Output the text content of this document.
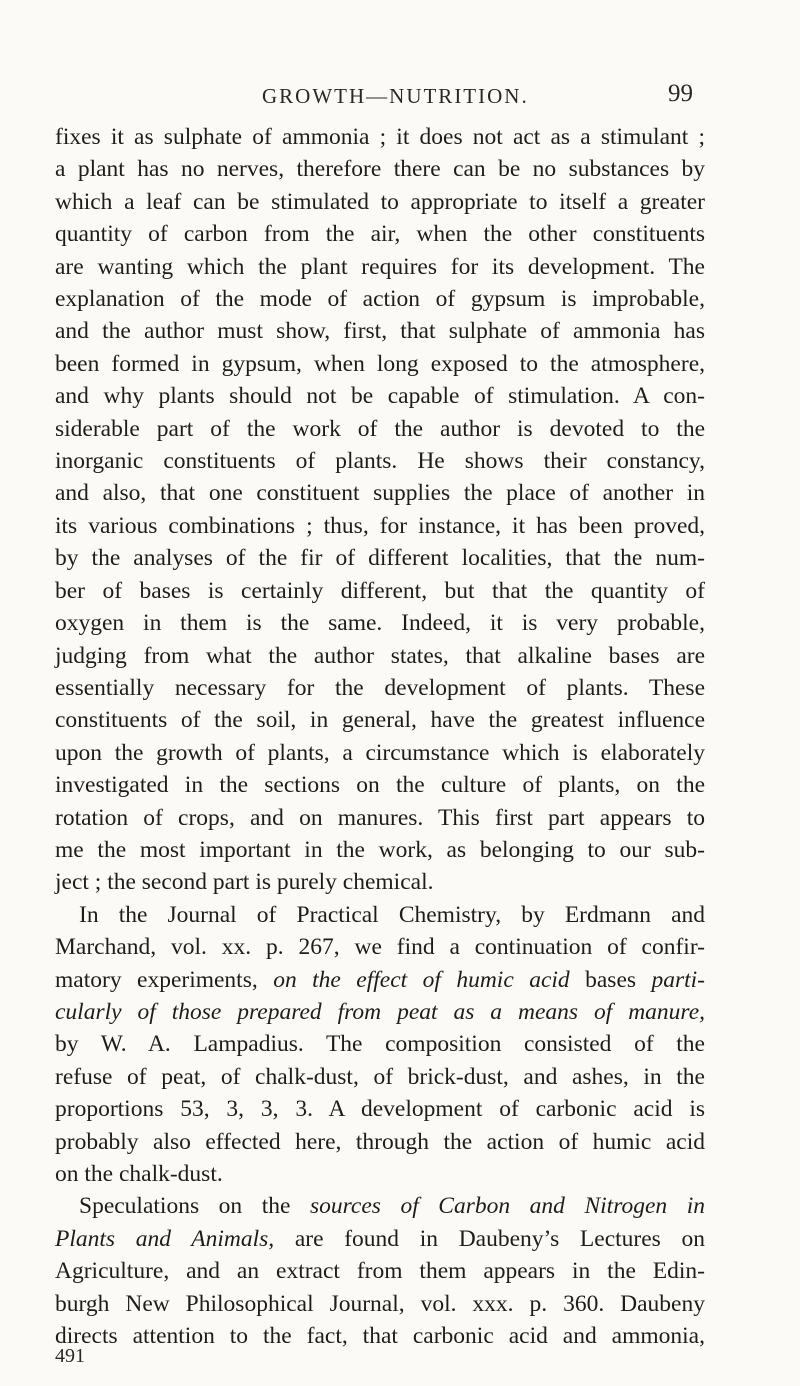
GROWTH—NUTRITION.	99
fixes it as sulphate of ammonia ; it does not act as a stimulant ;
a plant has no nerves, therefore there can be no substances by
which a leaf can be stimulated to appropriate to itself a greater
quantity of carbon from the air, when the other constituents
are wanting which the plant requires for its development. The
explanation of the mode of action of gypsum is improbable,
and the author must show, first, that sulphate of ammonia has
been formed in gypsum, when long exposed to the atmosphere,
and why plants should not be capable of stimulation. A con-
siderable part of the work of the author is devoted to the
inorganic constituents of plants. He shows their constancy,
and also, that one constituent supplies the place of another in
its various combinations ; thus, for instance, it has been proved,
by the analyses of the fir of different localities, that the num-
ber of bases is certainly different, but that the quantity of
oxygen in them is the same. Indeed, it is very probable,
judging from what the author states, that alkaline bases are
essentially necessary for the development of plants. These
constituents of the soil, in general, have the greatest influence
upon the growth of plants, a circumstance which is elaborately
investigated in the sections on the culture of plants, on the
rotation of crops, and on manures. This first part appears to
me the most important in the work, as belonging to our sub-
ject ; the second part is purely chemical.
In the Journal of Practical Chemistry, by Erdmann and
Marchand, vol. xx. p. 267, we find a continuation of confir-
matory experiments, on the effect of humic acid bases parti-
cularly of those prepared from peat as a means of manure,
by W. A. Lampadius. The composition consisted of the
refuse of peat, of chalk-dust, of brick-dust, and ashes, in the
proportions 53, 3, 3, 3. A development of carbonic acid is
probably also effected here, through the action of humic acid
on the chalk-dust.
Speculations on the sources of Carbon and Nitrogen in
Plants and Animals, are found in Daubeny’s Lectures on
Agriculture, and an extract from them appears in the Edin-
burgh New Philosophical Journal, vol. xxx. p. 360. Daubeny
directs attention to the fact, that carbonic acid and ammonia,
491
